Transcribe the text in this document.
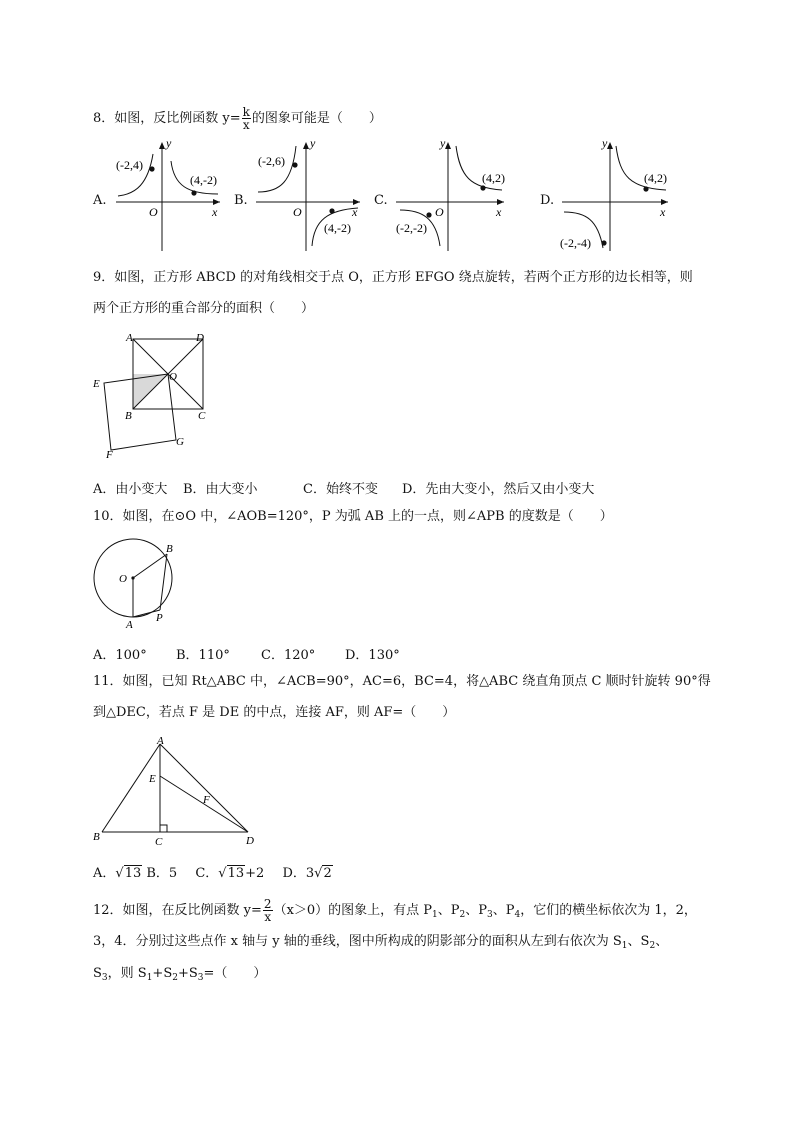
8．如图，反比例函数 $y= \frac{k}{x}$ 的图象可能是（　　）
A.
y
x
O
(-2,4)
(4,-2)
B.
y
x
O
(-2,6)
(4,-2)
C.
y
x
O
(4,2)
(-2,-2)
D.
y
x
(4,2)
(-2,-4)
9．如图，正方形 ABCD 的对角线相交于点 O，正方形 EFGO 绕点旋转，若两个正方形的边长相等，则
两个正方形的重合部分的面积（　　）
A	D
O
E
B	C
G
F
A．由小变大 B．由大变小	C．始终不变 D．先由大变小，然后又由小变大
10．如图，在⊙O 中，∠AOB=120°，P 为弧 AB 上的一点，则∠APB 的度数是（　　）
O
B
P
A
A．100° B．110° C．120° D．130°
11．如图，已知 Rt△ABC 中，∠ACB=90°，AC=6，BC=4，将△ABC 绕直角顶点 C 顺时针旋转 90°得
到△DEC，若点 F 是 DE 的中点，连接 AF，则 AF=（　　）
A
E
F
B	C	D
A．√13 B．5 C．√13+2 D．3√2
12．如图，在反比例函数 $y= \frac{2}{x} (x>0)$的图象上，有点 $P_1$、$P_2$、$P_3$、$P_4$，它们的横坐标依次为 1，2，
3，4．分别过这些点作 x 轴与 y 轴的垂线，图中所构成的阴影部分的面积从左到右依次为 $S_1$、$S_2$、
$S_3$，则 $S_1+S_2+S_3=$（　　）
